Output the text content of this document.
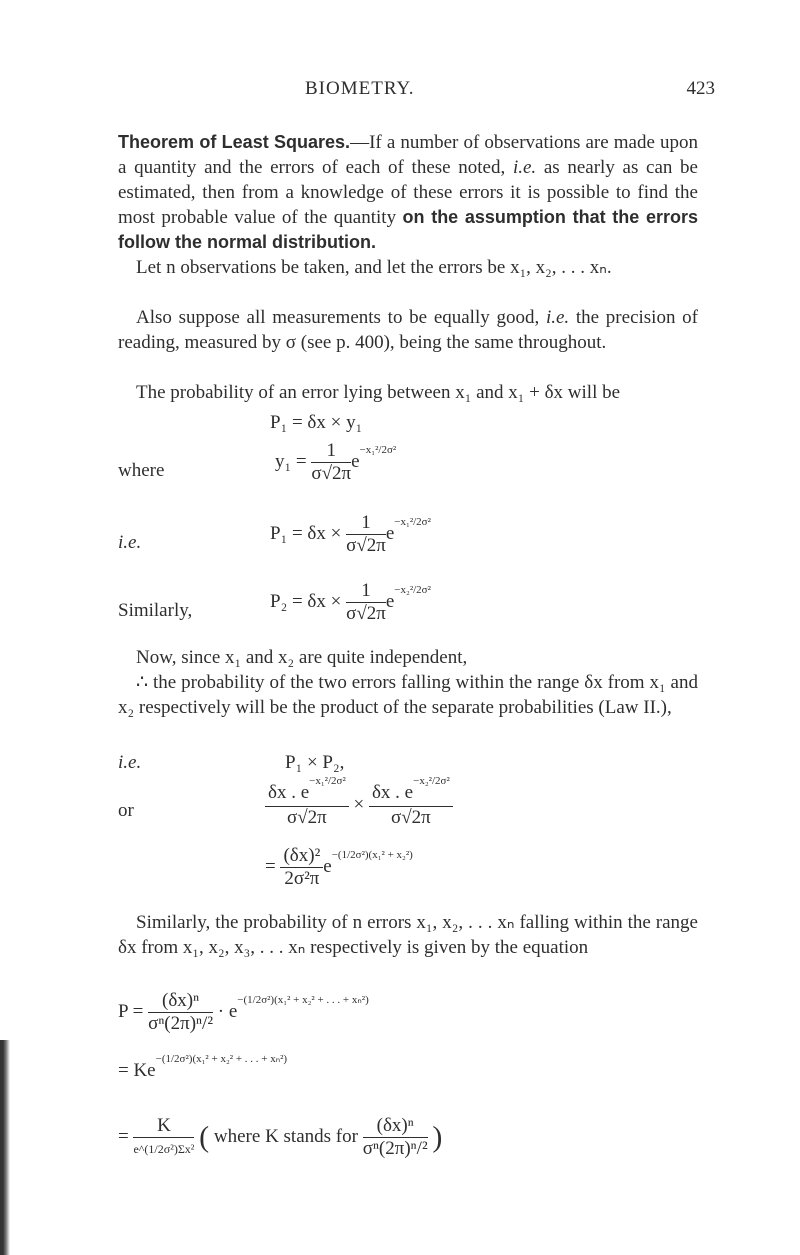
BIOMETRY.	423
Theorem of Least Squares.—If a number of observations are made upon a quantity and the errors of each of these noted, i.e. as nearly as can be estimated, then from a knowledge of these errors it is possible to find the most probable value of the quantity on the assumption that the errors follow the normal distribution.
Let n observations be taken, and let the errors be x₁, x₂, . . . xₙ.
Also suppose all measurements to be equally good, i.e. the precision of reading, measured by σ (see p. 400), being the same throughout.
The probability of an error lying between x₁ and x₁ + δx will be
P₁ = δx × y₁
where	$y_1 = \frac{1}{\sigma√2\pi} e^{-x_1^2/2\sigma^2}$
i.e.	$P_1 = \delta x \times \frac{1}{\sigma√2\pi} e^{-x_1^2/2\sigma^2}$
Similarly,	$P_2 = \delta x \times \frac{1}{\sigma√2\pi} e^{-x_2^2/2\sigma^2}$
Now, since x₁ and x₂ are quite independent,
∴ the probability of the two errors falling within the range δx from x₁ and x₂ respectively will be the product of the separate probabilities (Law II.),
i.e.	P₁ × P₂,
or	$\frac{\delta x . e^{-x_1^2/2\sigma^2}}{\sigma√2\pi} \times \frac{\delta x . e^{-x_2^2/2\sigma^2}}{\sigma√2\pi}$
= $\frac{\text{(δx)²}}{\text{2σ²π}} e^{-(1/2\sigma^2)(x_1^2 + x_2^2)}$
Similarly, the probability of n errors x₁, x₂, . . . xₙ falling within the range δx from x₁, x₂, x₃, . . . xₙ respectively is given by the equation
$P = \frac{\text{(δx)ⁿ}}{\text{σⁿ(2π)ⁿ/²}} \cdot e^{-(1/2\sigma^2)(x_1^2 + x_2^2 + . . . + x_n^2)}$
= $Ke^{-(1/2\sigma^2)(x_1^2 + x_2^2 + . . . + x_n^2)}$
= $\frac{K}{\text{e\textasciicircum{}(1/2σ²)Σx²}}$ ( where K stands for $\frac{\text{(δx)ⁿ}}{\text{σⁿ(2π)ⁿ/²}}$ )
